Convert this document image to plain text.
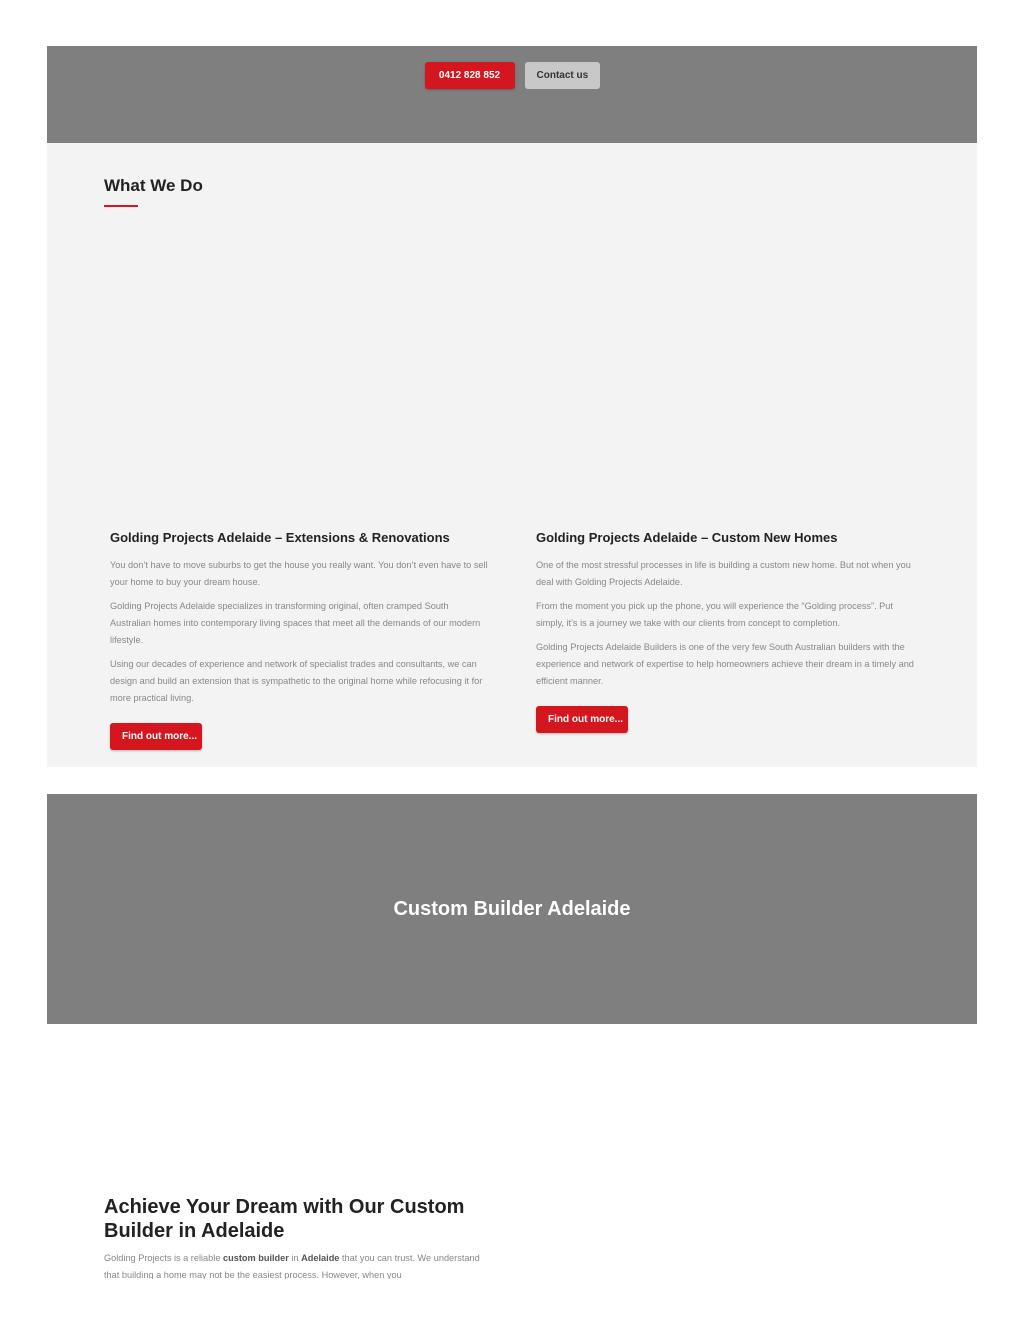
0412 828 852	Contact us
What We Do
Golding Projects Adelaide – Extensions & Renovations

You don’t have to move suburbs to get the house you really want. You don’t even have to sell your home to buy your dream house.

Golding Projects Adelaide specializes in transforming original, often cramped South Australian homes into contemporary living spaces that meet all the demands of our modern lifestyle.

Using our decades of experience and network of specialist trades and consultants, we can design and build an extension that is sympathetic to the original home while refocusing it for more practical living.

Find out more...
Golding Projects Adelaide – Custom New Homes

One of the most stressful processes in life is building a custom new home. But not when you deal with Golding Projects Adelaide.

From the moment you pick up the phone, you will experience the “Golding process”. Put simply, it’s is a journey we take with our clients from concept to completion.

Golding Projects Adelaide Builders is one of the very few South Australian builders with the experience and network of expertise to help homeowners achieve their dream in a timely and efficient manner.

Find out more...
Custom Builder Adelaide
Achieve Your Dream with Our Custom Builder in Adelaide

Golding Projects is a reliable custom builder in Adelaide that you can trust. We understand that building a home may not be the easiest process. However, when you
